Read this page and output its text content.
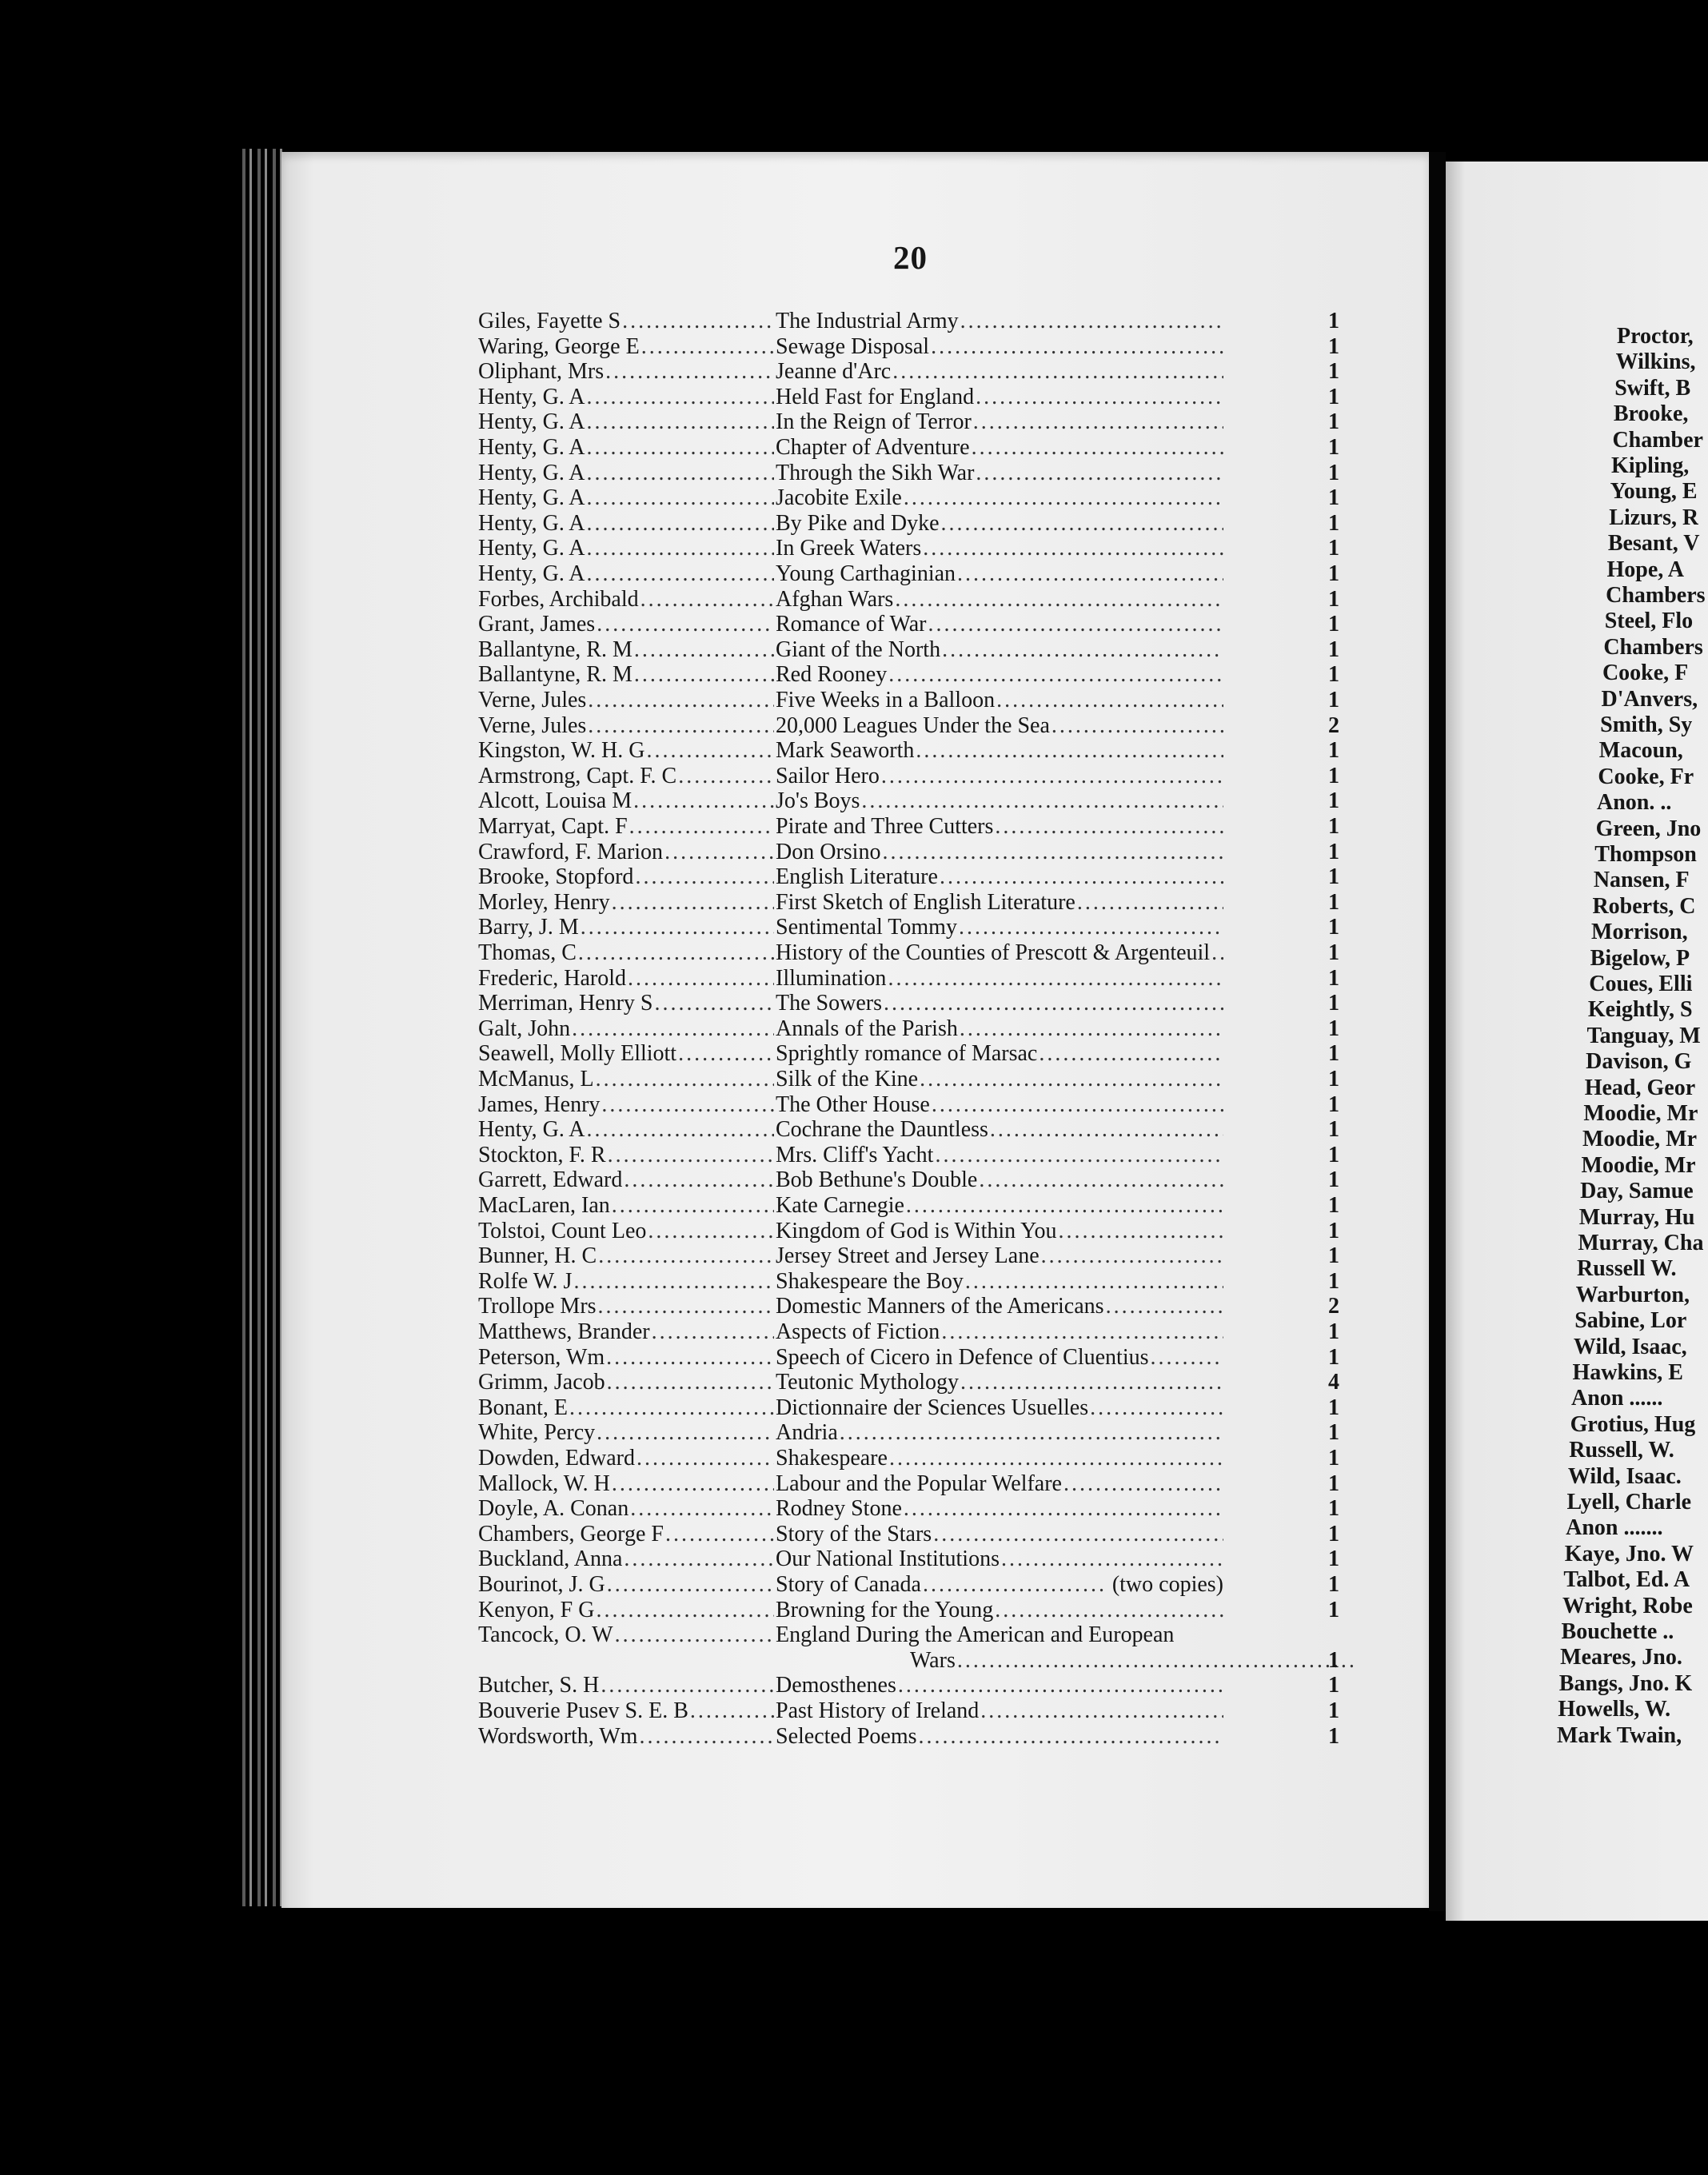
20
Giles, Fayette S .....	The Industrial Army .....	1
Waring, George E .....	Sewage Disposal .....	1
Oliphant, Mrs .....	Jeanne d'Arc .....	1
Henty, G. A .....	Held Fast for England .....	1
Henty, G. A .....	In the Reign of Terror .....	1
Henty, G. A .....	Chapter of Adventure .....	1
Henty, G. A .....	Through the Sikh War .....	1
Henty, G. A .....	Jacobite Exile .....	1
Henty, G. A .....	By Pike and Dyke .....	1
Henty, G. A .....	In Greek Waters .....	1
Henty, G. A .....	Young Carthaginian .....	1
Forbes, Archibald .....	Afghan Wars .....	1
Grant, James .....	Romance of War .....	1
Ballantyne, R. M .....	Giant of the North .....	1
Ballantyne, R. M .....	Red Rooney .....	1
Verne, Jules .....	Five Weeks in a Balloon .....	1
Verne, Jules .....	20,000 Leagues Under the Sea .....	2
Kingston, W. H. G .....	Mark Seaworth .....	1
Armstrong, Capt. F. C .....	Sailor Hero .....	1
Alcott, Louisa M .....	Jo's Boys .....	1
Marryat, Capt. F .....	Pirate and Three Cutters .....	1
Crawford, F. Marion .....	Don Orsino .....	1
Brooke, Stopford .....	English Literature .....	1
Morley, Henry .....	First Sketch of English Literature .....	1
Barry, J. M .....	Sentimental Tommy .....	1
Thomas, C .....	History of the Counties of Prescott & Argenteuil .....	1
Frederic, Harold .....	Illumination .....	1
Merriman, Henry S .....	The Sowers .....	1
Galt, John .....	Annals of the Parish .....	1
Seawell, Molly Elliott .....	Sprightly romance of Marsac .....	1
McManus, L .....	Silk of the Kine .....	1
James, Henry .....	The Other House .....	1
Henty, G. A .....	Cochrane the Dauntless .....	1
Stockton, F. R .....	Mrs. Cliff's Yacht .....	1
Garrett, Edward .....	Bob Bethune's Double .....	1
MacLaren, Ian .....	Kate Carnegie .....	1
Tolstoi, Count Leo .....	Kingdom of God is Within You .....	1
Bunner, H. C .....	Jersey Street and Jersey Lane .....	1
Rolfe W. J .....	Shakespeare the Boy .....	1
Trollope Mrs .....	Domestic Manners of the Americans .....	2
Matthews, Brander .....	Aspects of Fiction .....	1
Peterson, Wm .....	Speech of Cicero in Defence of Cluentius .....	1
Grimm, Jacob .....	Teutonic Mythology .....	4
Bonant, E .....	Dictionnaire der Sciences Usuelles .....	1
White, Percy .....	Andria .....	1
Dowden, Edward .....	Shakespeare .....	1
Mallock, W. H .....	Labour and the Popular Welfare .....	1
Doyle, A. Conan .....	Rodney Stone .....	1
Chambers, George F .....	Story of the Stars .....	1
Buckland, Anna .....	Our National Institutions .....	1
Bourinot, J. G .....	Story of Canada .....	(two copies)	1
Kenyon, F G .....	Browning for the Young .....	1
Tancock, O. W .....	England During the American and European
Wars .....	1
Butcher, S. H .....	Demosthenes .....	1
Bouverie Pusev S. E. B .....	Past History of Ireland .....	1
Wordsworth, Wm .....	Selected Poems .....	1
Proctor,
Wilkins,
Swift, B
Brooke,
Chamber
Kipling,
Young, E
Lizurs, R
Besant, V
Hope, A
Chambers
Steel, Flo
Chambers
Cooke, F
D'Anvers,
Smith, Sy
Macoun,
Cooke, Fr
Anon. ..
Green, Jno
Thompson
Nansen, F
Roberts, C
Morrison,
Bigelow, P
Coues, Elli
Keightly, S
Tanguay, M
Davison, G
Head, Geor
Moodie, Mr
Moodie, Mr
Moodie, Mr
Day, Samue
Murray, Hu
Murray, Cha
Russell W.
Warburton,
Sabine, Lor
Wild, Isaac,
Hawkins, E
Anon ......
Grotius, Hug
Russell, W.
Wild, Isaac.
Lyell, Charle
Anon .......
Kaye, Jno. W
Talbot, Ed. A
Wright, Robe
Bouchette ..
Meares, Jno.
Bangs, Jno. K
Howells, W.
Mark Twain,
